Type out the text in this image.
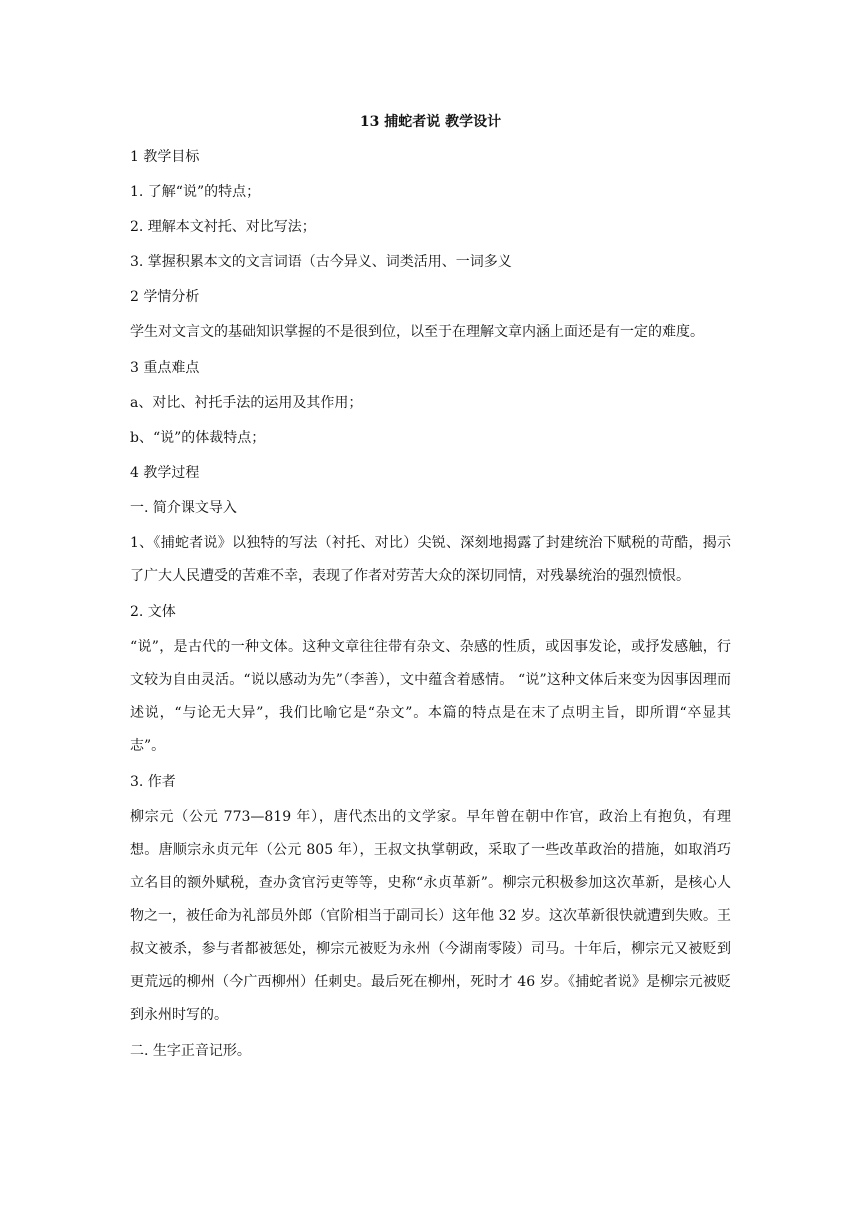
13 捕蛇者说 教学设计
1 教学目标
1. 了解“说”的特点；
2. 理解本文衬托、对比写法；
3. 掌握积累本文的文言词语（古今异义、词类活用、一词多义
2 学情分析
学生对文言文的基础知识掌握的不是很到位，以至于在理解文章内涵上面还是有一定的难度。
3 重点难点
a、对比、衬托手法的运用及其作用；
b、“说”的体裁特点；
4 教学过程
一. 简介课文导入
1、《捕蛇者说》以独特的写法（衬托、对比）尖锐、深刻地揭露了封建统治下赋税的苛酷，揭示了广大人民遭受的苦难不幸，表现了作者对劳苦大众的深切同情，对残暴统治的强烈愤恨。
2. 文体
“说”，是古代的一种文体。这种文章往往带有杂文、杂感的性质，或因事发论，或抒发感触，行文较为自由灵活。“说以感动为先”（李善），文中蕴含着感情。 “说”这种文体后来变为因事因理而述说，“与论无大异”，我们比喻它是“杂文”。本篇的特点是在末了点明主旨，即所谓“卒显其志”。
3. 作者
柳宗元（公元 773—819 年），唐代杰出的文学家。早年曾在朝中作官，政治上有抱负，有理想。唐顺宗永贞元年（公元 805 年），王叔文执掌朝政，采取了一些改革政治的措施，如取消巧立名目的额外赋税，查办贪官污吏等等，史称“永贞革新”。柳宗元积极参加这次革新，是核心人物之一，被任命为礼部员外郎（官阶相当于副司长）这年他 32 岁。这次革新很快就遭到失败。王叔文被杀，参与者都被惩处，柳宗元被贬为永州（今湖南零陵）司马。十年后，柳宗元又被贬到更荒远的柳州（今广西柳州）任刺史。最后死在柳州，死时才 46 岁。《捕蛇者说》是柳宗元被贬到永州时写的。
二. 生字正音记形。
